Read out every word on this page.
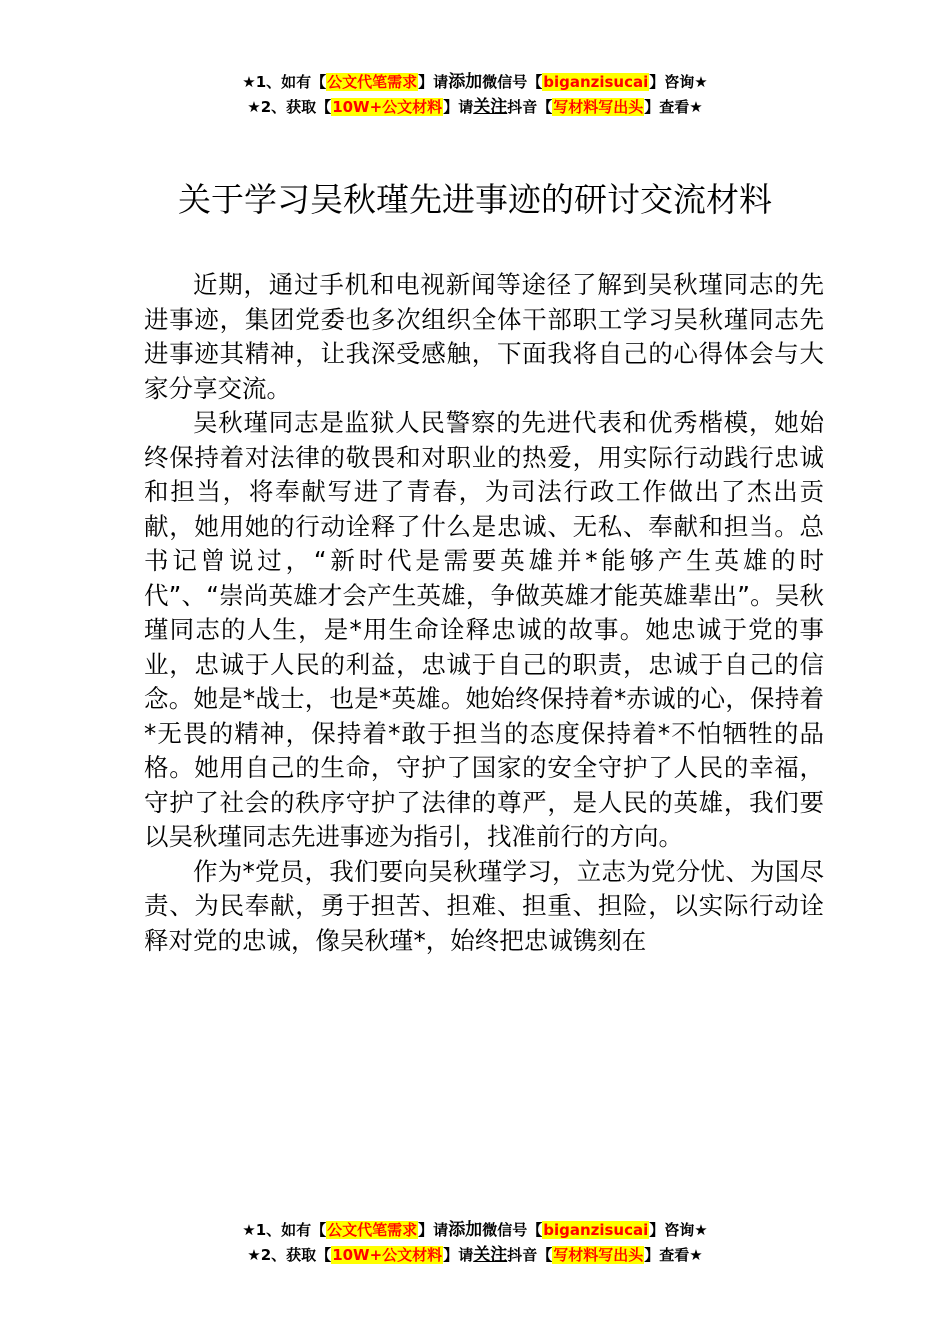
★1、如有【公文代笔需求】请添加微信号【biganzisucai】咨询★
★2、获取【10W+公文材料】请关注抖音【写材料写出头】查看★
关于学习吴秋瑾先进事迹的研讨交流材料

近期，通过手机和电视新闻等途径了解到吴秋瑾同志的先进事迹，集团党委也多次组织全体干部职工学习吴秋瑾同志先进事迹其精神，让我深受感触，下面我将自己的心得体会与大家分享交流。

吴秋瑾同志是监狱人民警察的先进代表和优秀楷模，她始终保持着对法律的敬畏和对职业的热爱，用实际行动践行忠诚和担当，将奉献写进了青春，为司法行政工作做出了杰出贡献，她用她的行动诠释了什么是忠诚、无私、奉献和担当。总书记曾说过，“新时代是需要英雄并*能够产生英雄的时代”、“崇尚英雄才会产生英雄，争做英雄才能英雄辈出”。吴秋瑾同志的人生，是*用生命诠释忠诚的故事。她忠诚于党的事业，忠诚于人民的利益，忠诚于自己的职责，忠诚于自己的信念。她是*战士，也是*英雄。她始终保持着*赤诚的心，保持着*无畏的精神，保持着*敢于担当的态度保持着*不怕牺牲的品格。她用自己的生命，守护了国家的安全守护了人民的幸福，守护了社会的秩序守护了法律的尊严，是人民的英雄，我们要以吴秋瑾同志先进事迹为指引，找准前行的方向。

作为*党员，我们要向吴秋瑾学习，立志为党分忧、为国尽责、为民奉献，勇于担苦、担难、担重、担险，以实际行动诠释对党的忠诚，像吴秋瑾*，始终把忠诚镌刻在

★1、如有【公文代笔需求】请添加微信号【biganzisucai】咨询★
★2、获取【10W+公文材料】请关注抖音【写材料写出头】查看★
